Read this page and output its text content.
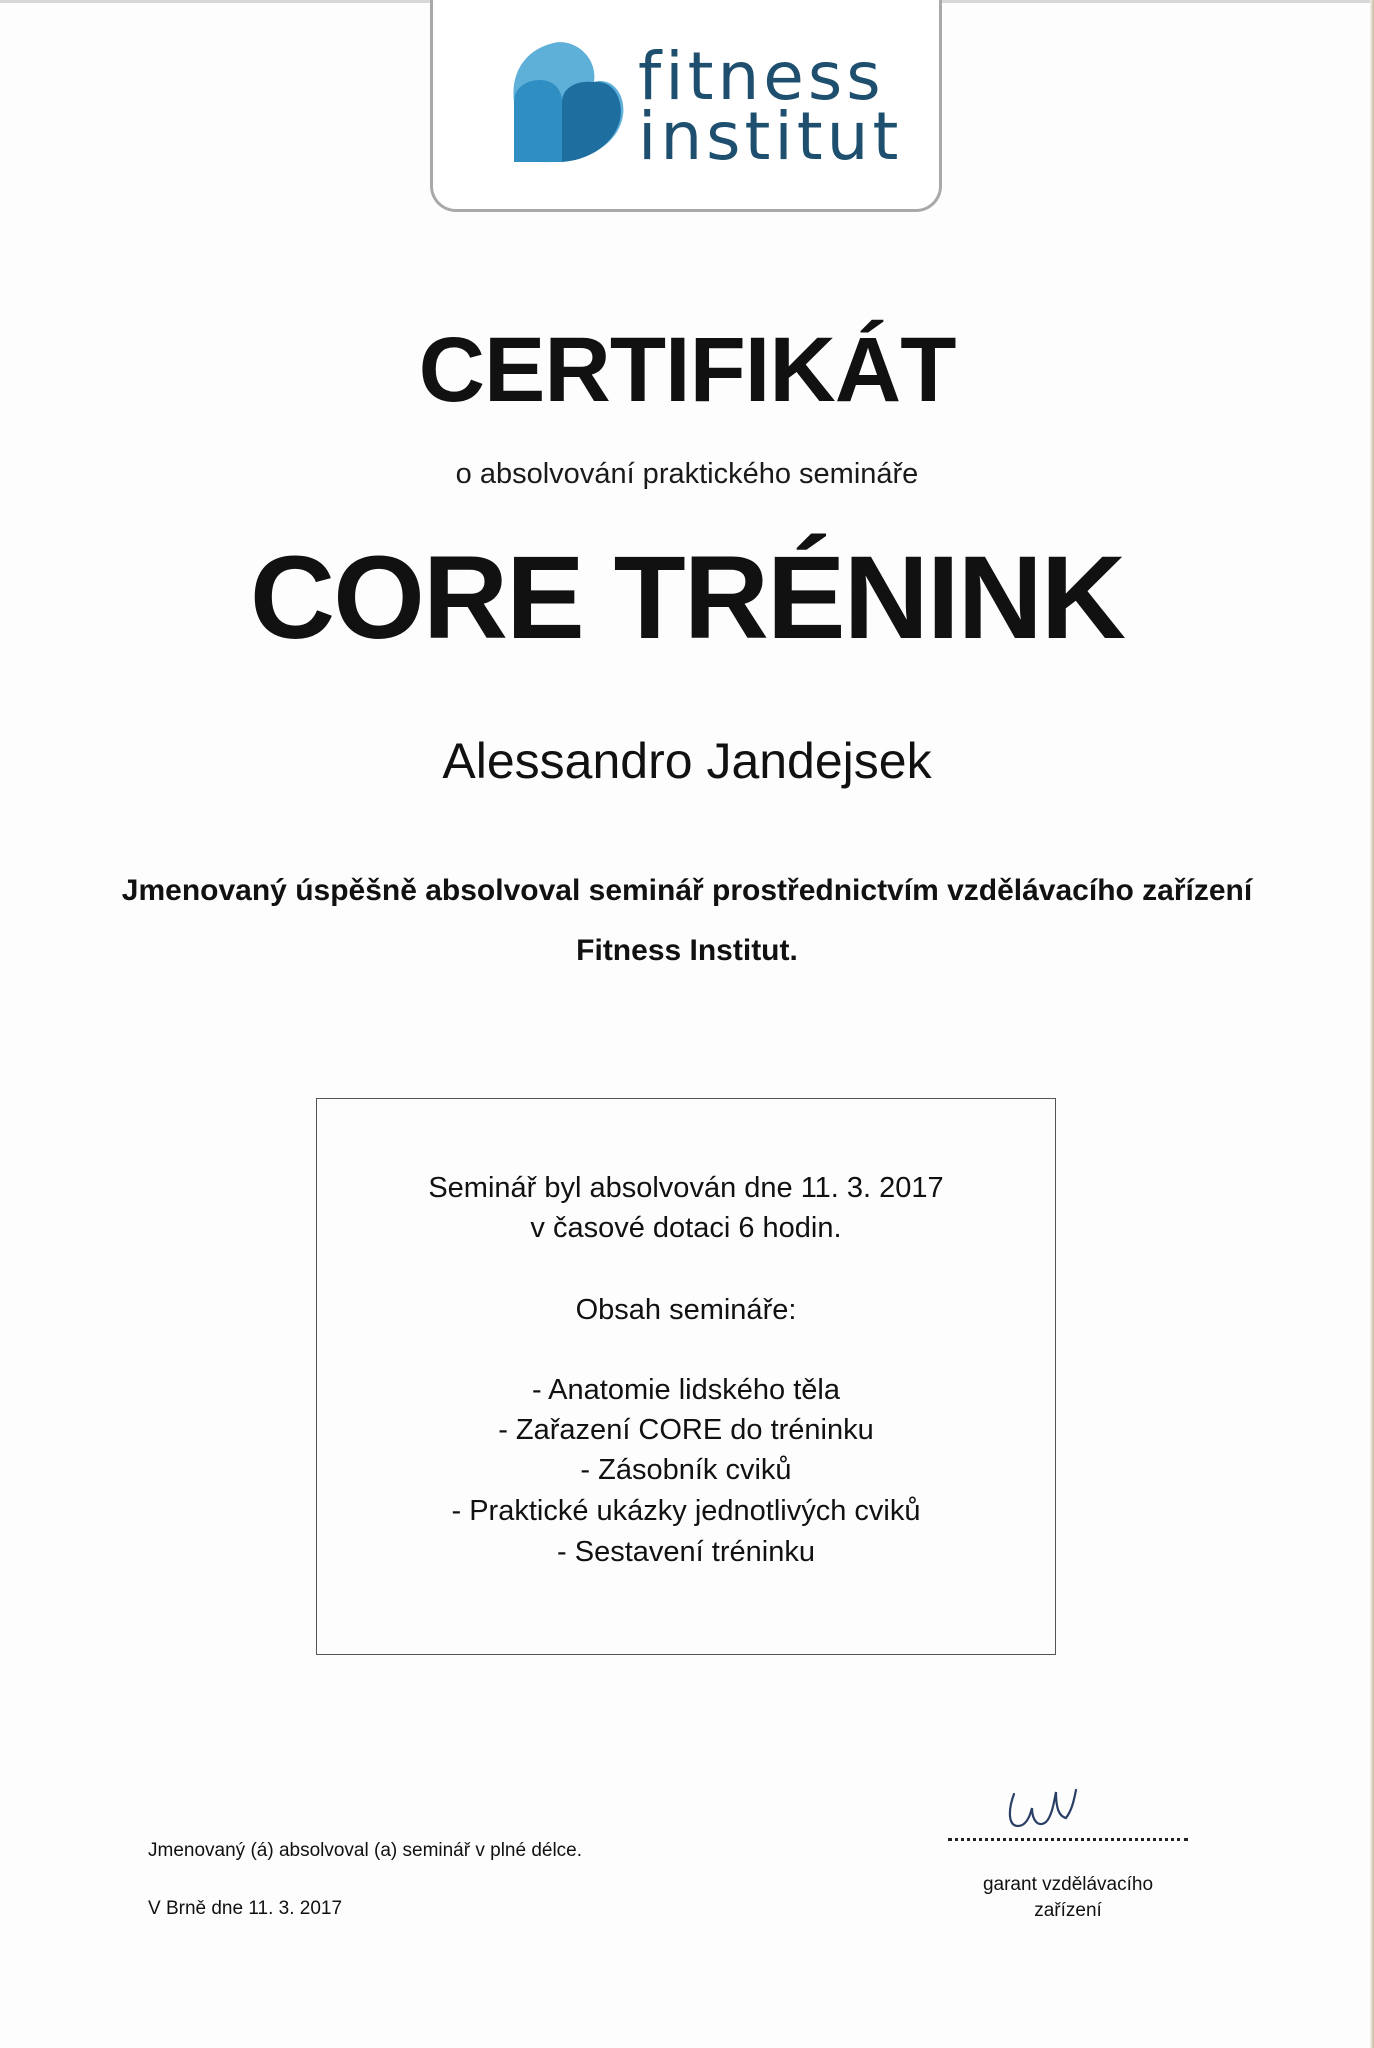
fitness
institut
CERTIFIKÁT
o absolvování praktického semináře
CORE TRÉNINK
Alessandro Jandejsek
Jmenovaný úspěšně absolvoval seminář prostřednictvím vzdělávacího zařízení
Fitness Institut.
Seminář byl absolvován dne 11. 3. 2017
v časové dotaci 6 hodin.
Obsah semináře:
- Anatomie lidského těla
- Zařazení CORE do tréninku
- Zásobník cviků
- Praktické ukázky jednotlivých cviků
- Sestavení tréninku
Jmenovaný (á) absolvoval (a) seminář v plné délce.
V Brně dne 11. 3. 2017
garant vzdělávacího
zařízení
